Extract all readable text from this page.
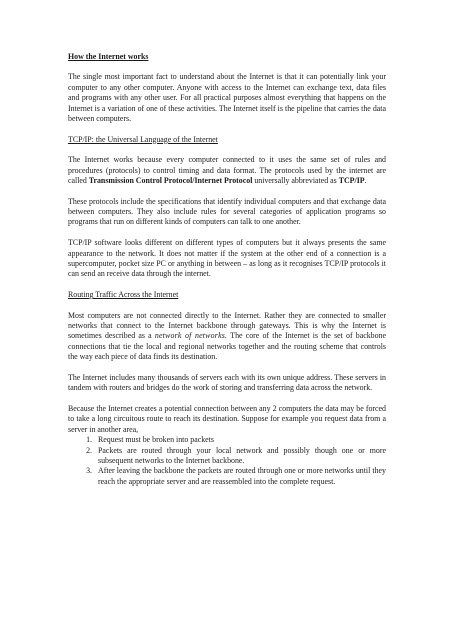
How the Internet works

The single most important fact to understand about the Internet is that it can potentially link your computer to any other computer. Anyone with access to the Internet can exchange text, data files and programs with any other user. For all practical purposes almost everything that happens on the Internet is a variation of one of these activities. The Internet itself is the pipeline that carries the data between computers.

TCP/IP: the Universal Language of the Internet

The Internet works because every computer connected to it uses the same set of rules and procedures (protocols) to control timing and data format. The protocols used by the internet are called Transmission Control Protocol/Internet Protocol universally abbreviated as TCP/IP.

These protocols include the specifications that identify individual computers and that exchange data between computers. They also include rules for several categories of application programs so programs that run on different kinds of computers can talk to one another.

TCP/IP software looks different on different types of computers but it always presents the same appearance to the network. It does not matter if the system at the other end of a connection is a supercomputer, pocket size PC or anything in between – as long as it recognises TCP/IP protocols it can send an receive data through the internet.

Routing Traffic Across the Internet

Most computers are not connected directly to the Internet. Rather they are connected to smaller networks that connect to the Internet backbone through gateways. This is why the Internet is sometimes described as a network of networks. The core of the Internet is the set of backbone connections that tie the local and regional networks together and the routing scheme that controls the way each piece of data finds its destination.

The Internet includes many thousands of servers each with its own unique address. These servers in tandem with routers and bridges do the work of storing and transferring data across the network.

Because the Internet creates a potential connection between any 2 computers the data may be forced to take a long circuitous route to reach its destination. Suppose for example you request data from a server in another area,

1. Request must be broken into packets
2. Packets are routed through your local network and possibly though one or more subsequent networks to the Internet backbone.
3. After leaving the backbone the packets are routed through one or more networks until they reach the appropriate server and are reassembled into the complete request.
